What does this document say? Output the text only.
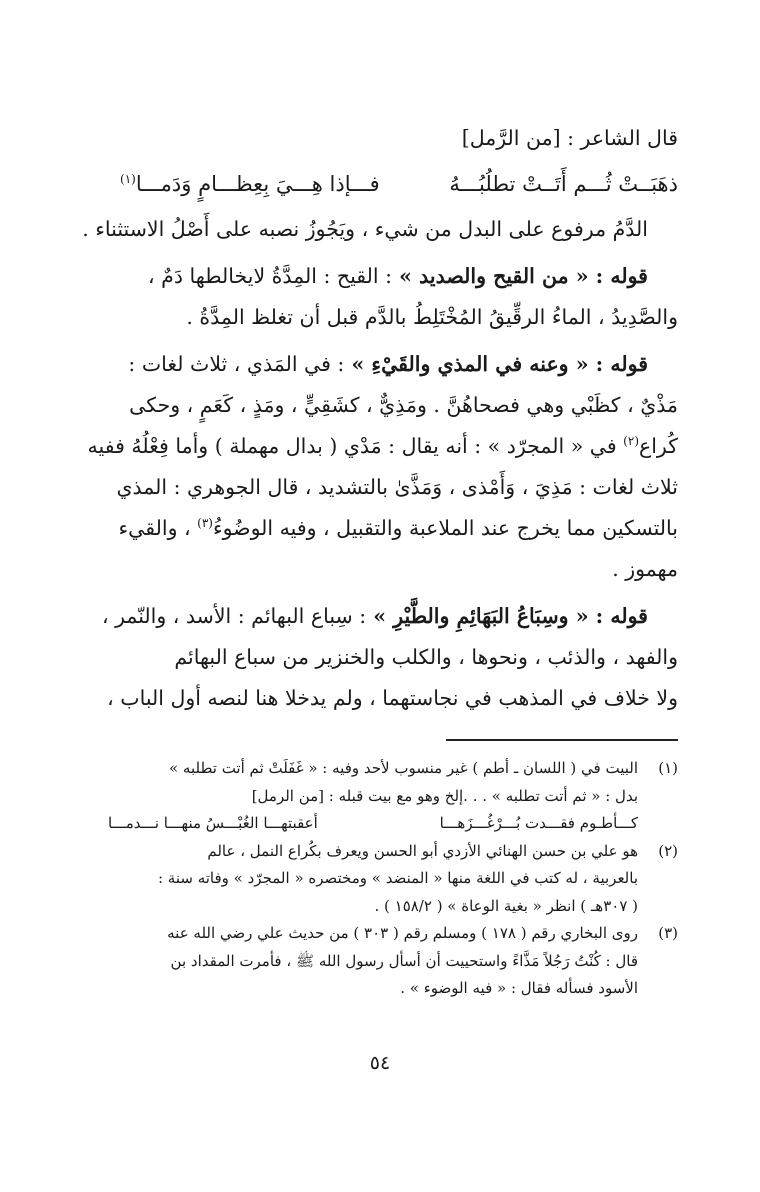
قال الشاعر : [من الرَّمل]
ذهَبَــتْ ثُـــم أَتَــتْ تطلُبُـــهُ
فـــإذا هِـــيَ بِعِظـــامٍ وَدَمـــا$^{(١)}$
الدَّمُ مرفوع على البدل من شيء ، ويَجُوزُ نصبه على أَصْلُ الاستثناء .
قوله : « من القيح والصديد » : القيح : المِدَّةُ لايخالطها دَمٌ ،
والصَّدِيدُ ، الماءُ الرقِّيقُ المُخْتَلِطُ بالدَّم قبل أن تغلظ المِدَّةُ .
قوله : « وعنه في المذي والقَيْءِ » : في المَذي ، ثلاث لغات :
مَذْيٌ ، كظَبْي وهي فصحاهُنَّ . ومَذِيٌّ ، كشَقِيٍّ ، ومَذٍ ، كَعَمٍ ، وحكى
كُراع$^{(٢)}$ في « المجرّد » : أنه يقال : مَدْي ( بدال مهملة ) وأما فِعْلُهُ ففيه
ثلاث لغات : مَذِيَ ، وَأَمْذى ، وَمَذَّىٰ بالتشديد ، قال الجوهري : المذي
بالتسكين مما يخرج عند الملاعبة والتقبيل ، وفيه الوضُوءُ$^{(٣)}$ ، والقيء
مهموز .
قوله : « وسِبَاعُ البَهَائِمِ والطَّيْرِ » : سِباع البهائم : الأسد ، والنّمر ،
والفهد ، والذئب ، ونحوها ، والكلب والخنزير من سباع البهائم
ولا خلاف في المذهب في نجاستهما ، ولم يدخلا هنا لنصه أول الباب ،
(١)
البيت في ( اللسان ـ أطم ) غير منسوب لأحد وفيه : « غَفَلَتْ ثم أتت تطلبه »
بدل : « ثم أتت تطلبه » . . .إلخ وهو مع بيت قبله : [من الرمل]
كـــأطـوم فقـــدت بُـــرْغُـــزَهـــا
أعقبتهـــا الغُبْـــسُ منهـــا نـــدمـــا
(٢)
هو علي بن حسن الهنائي الأزدي أبو الحسن ويعرف بكُراع النمل ، عالم
بالعربية ، له كتب في اللغة منها « المنضد » ومختصره « المجرّد » وفاته سنة :
( ٣٠٧هـ ) انظر « بغية الوعاة » ( ١٥٨/٢ ) .
(٣)
روى البخاري رقم ( ١٧٨ ) ومسلم رقم ( ٣٠٣ ) من حديث علي رضي الله عنه
قال : كُنْتُ رَجُلاً مَذَّاءً واستحييت أن أسأل رسول الله ﷺ ، فأمرت المقداد بن
الأسود فسأله فقال : « فيه الوضوء » .
٥٤
